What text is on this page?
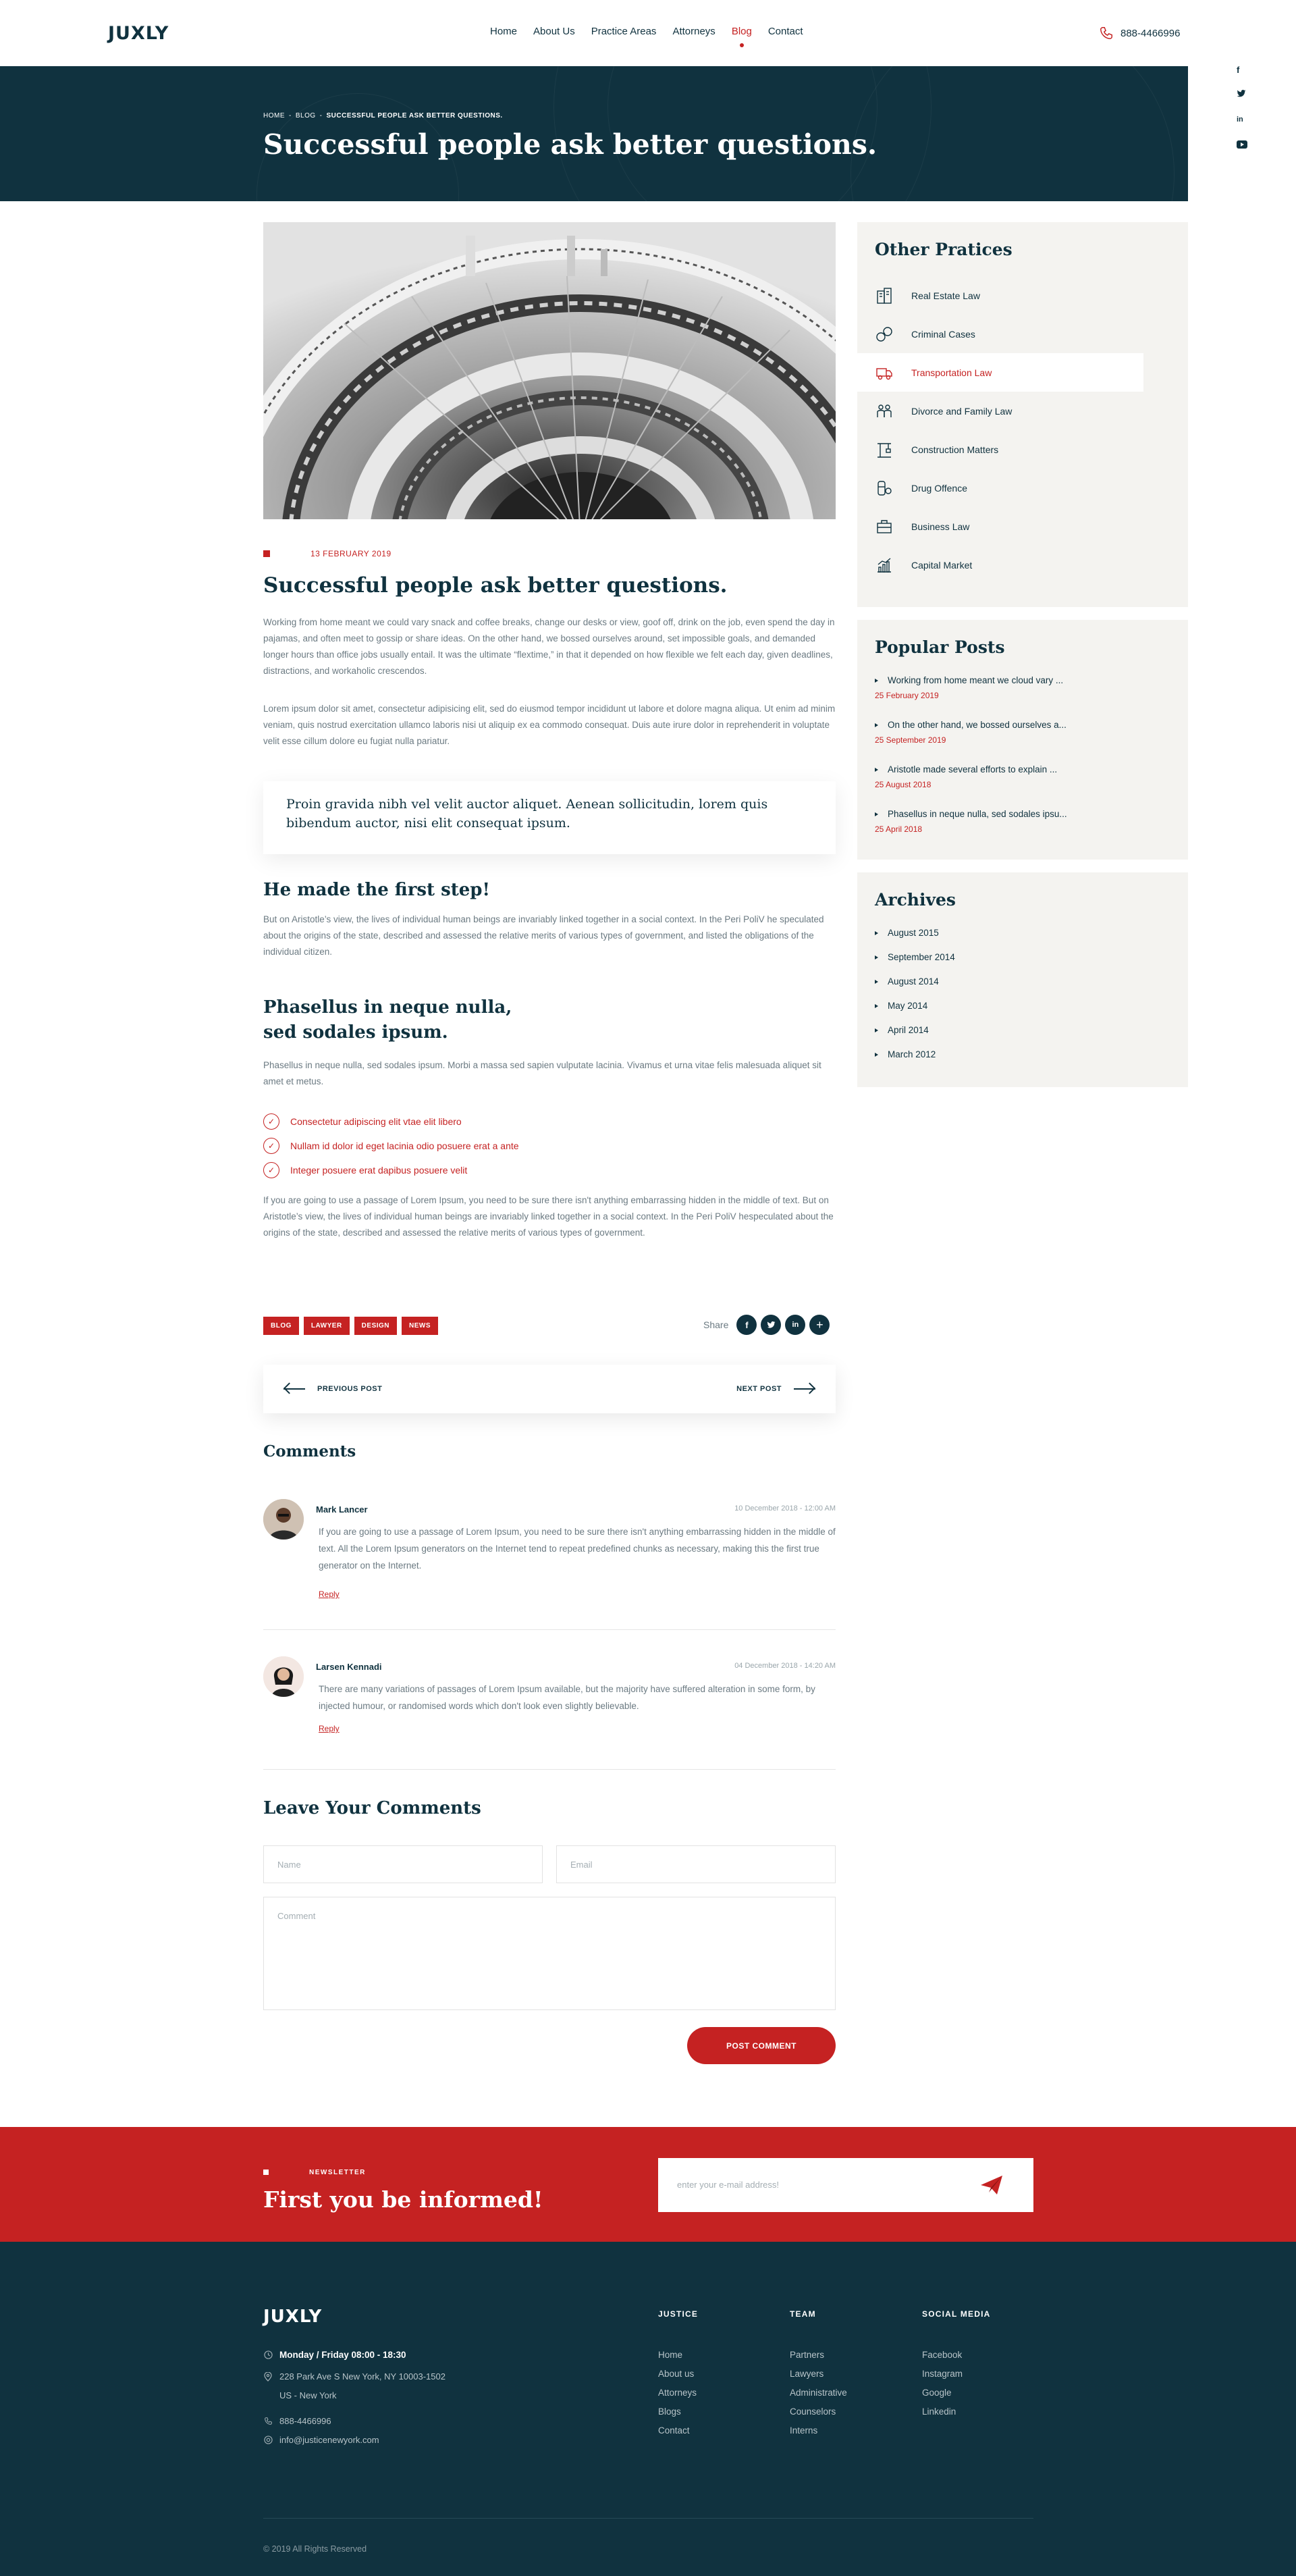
JUXLY	Home About Us Practice Areas Attorneys Blog Contact	888-4466996
f
in
HOME - BLOG - SUCCESSFUL PEOPLE ASK BETTER QUESTIONS.
Successful people ask better questions.
13 FEBRUARY 2019
Successful people ask better questions.

Working from home meant we could vary snack and coffee breaks, change our desks or view, goof off, drink on the job, even spend the day in pajamas, and often meet to gossip or share ideas. On the other hand, we bossed ourselves around, set impossible goals, and demanded longer hours than office jobs usually entail. It was the ultimate “flextime,” in that it depended on how flexible we felt each day, given deadlines, distractions, and workaholic crescendos.

Lorem ipsum dolor sit amet, consectetur adipisicing elit, sed do eiusmod tempor incididunt ut labore et dolore magna aliqua. Ut enim ad minim veniam, quis nostrud exercitation ullamco laboris nisi ut aliquip ex ea commodo consequat. Duis aute irure dolor in reprehenderit in voluptate velit esse cillum dolore eu fugiat nulla pariatur.

Proin gravida nibh vel velit auctor aliquet. Aenean sollicitudin, lorem quis bibendum auctor, nisi elit consequat ipsum.

He made the first step!

But on Aristotle’s view, the lives of individual human beings are invariably linked together in a social context. In the Peri PoliV he speculated about the origins of the state, described and assessed the relative merits of various types of government, and listed the obligations of the individual citizen.

Phasellus in neque nulla,
sed sodales ipsum.

Phasellus in neque nulla, sed sodales ipsum. Morbi a massa sed sapien vulputate lacinia. Vivamus et urna vitae felis malesuada aliquet sit amet et metus.

✓	Consectetur adipiscing elit vtae elit libero
✓	Nullam id dolor id eget lacinia odio posuere erat a ante
✓	Integer posuere erat dapibus posuere velit

If you are going to use a passage of Lorem Ipsum, you need to be sure there isn't anything embarrassing hidden in the middle of text. But on Aristotle’s view, the lives of individual human beings are invariably linked together in a social context. In the Peri PoliV hespeculated about the origins of the state, described and assessed the relative merits of various types of government.

BLOG	LAWYER	DESIGN	NEWS	Share	f	in	+
PREVIOUS POST	NEXT POST
Comments
Mark Lancer	10 December 2018 - 12:00 AM
If you are going to use a passage of Lorem Ipsum, you need to be sure there isn't anything embarrassing hidden in the middle of text. All the Lorem Ipsum generators on the Internet tend to repeat predefined chunks as necessary, making this the first true generator on the Internet.
Reply
Larsen Kennadi	04 December 2018 - 14:20 AM
There are many variations of passages of Lorem Ipsum available, but the majority have suffered alteration in some form, by injected humour, or randomised words which don't look even slightly believable.
Reply
Leave Your Comments
Name	Email
Comment
POST COMMENT
Other Pratices
Real Estate Law
Criminal Cases
Transportation Law
Divorce and Family Law
Construction Matters
Drug Offence
Business Law
Capital Market
Popular Posts
Working from home meant we cloud vary ...
25 February 2019
On the other hand, we bossed ourselves a...
25 September 2019
Aristotle made several efforts to explain ...
25 August 2018
Phasellus in neque nulla, sed sodales ipsu...
25 April 2018
Archives
August 2015
September 2014
August 2014
May 2014
April 2014
March 2012
NEWSLETTER
First you be informed!
enter your e-mail address!
JUXLY
Monday / Friday 08:00 - 18:30
228 Park Ave S New York, NY 10003-1502
US - New York
888-4466996
info@justicenewyork.com
JUSTICE
Home
About us
Attorneys
Blogs
Contact
TEAM
Partners
Lawyers
Administrative
Counselors
Interns
SOCIAL MEDIA
Facebook
Instagram
Google
Linkedin
© 2019 All Rights Reserved
